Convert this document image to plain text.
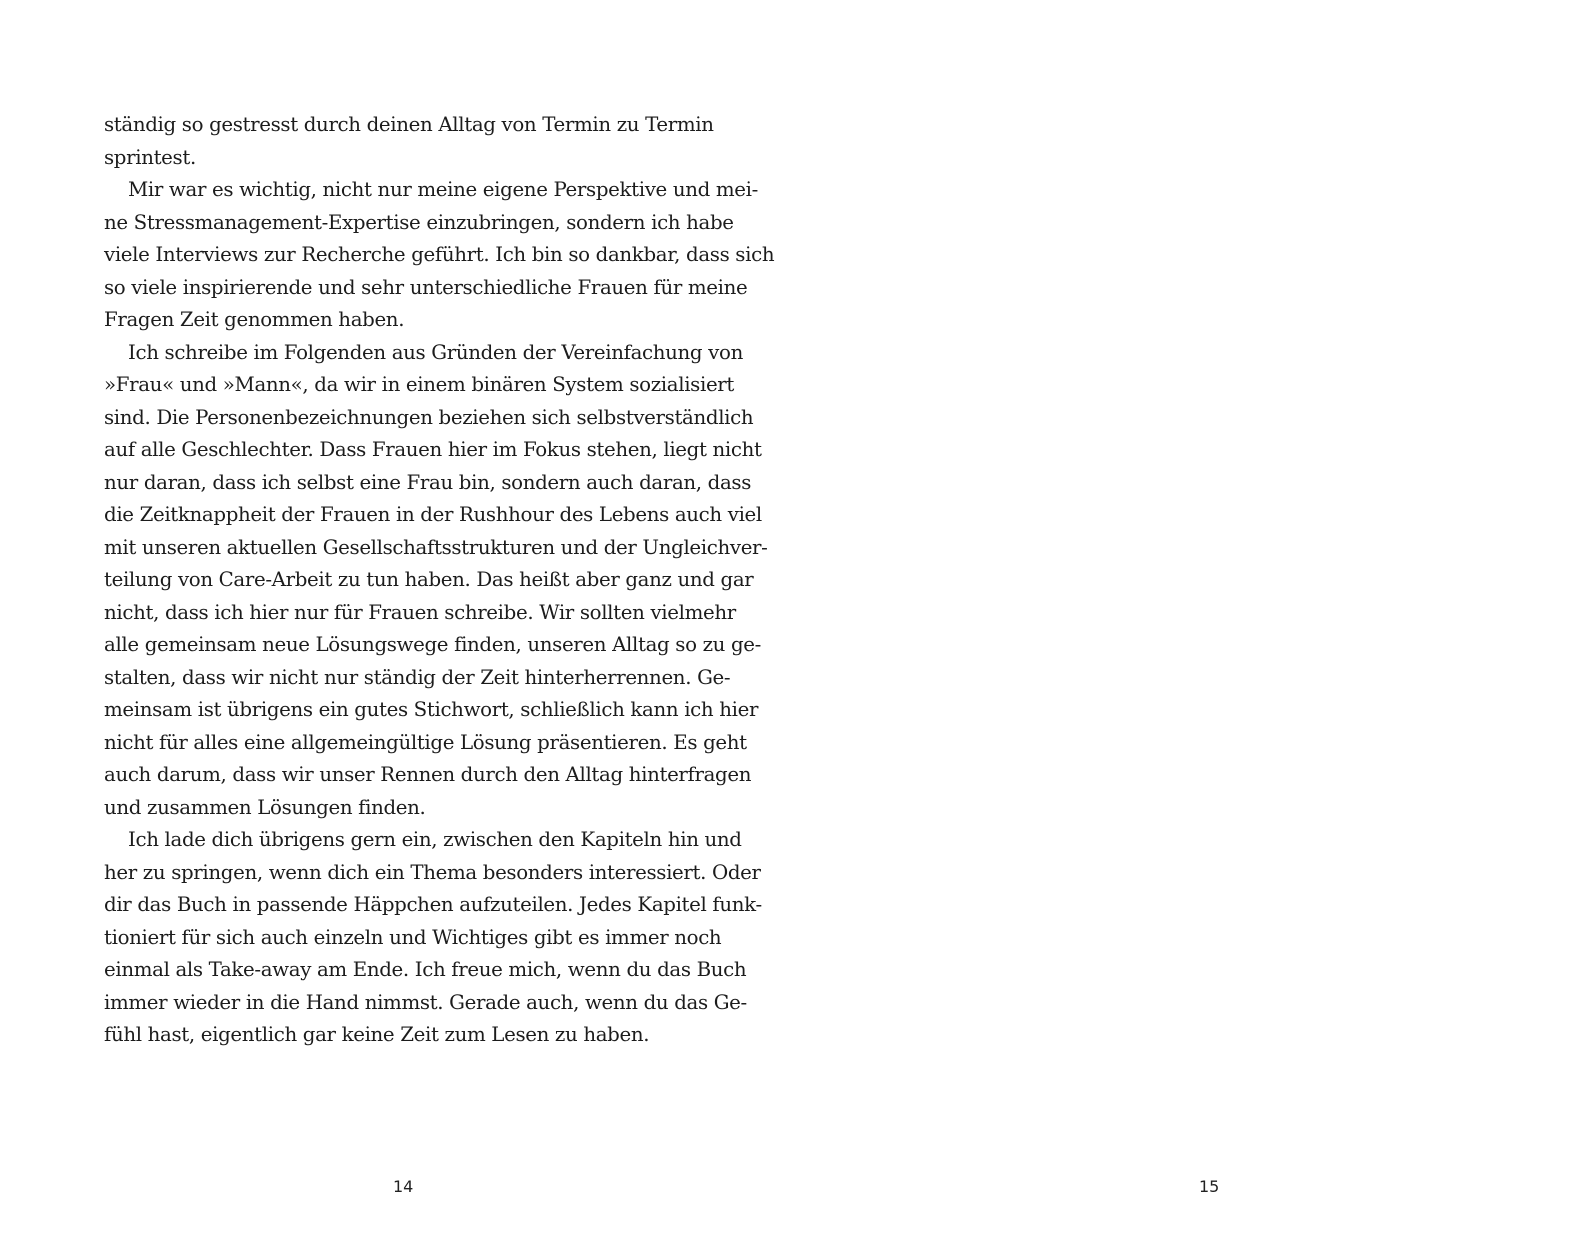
ständig so gestresst durch deinen Alltag von Termin zu Termin
sprintest.

Mir war es wichtig, nicht nur meine eigene Perspektive und mei-
ne Stressmanagement-Expertise einzubringen, sondern ich habe
viele Interviews zur Recherche geführt. Ich bin so dankbar, dass sich
so viele inspirierende und sehr unterschiedliche Frauen für meine
Fragen Zeit genommen haben.

Ich schreibe im Folgenden aus Gründen der Vereinfachung von
»Frau« und »Mann«, da wir in einem binären System sozialisiert
sind. Die Personenbezeichnungen beziehen sich selbstverständlich
auf alle Geschlechter. Dass Frauen hier im Fokus stehen, liegt nicht
nur daran, dass ich selbst eine Frau bin, sondern auch daran, dass
die Zeitknappheit der Frauen in der Rushhour des Lebens auch viel
mit unseren aktuellen Gesellschaftsstrukturen und der Ungleichver-
teilung von Care-Arbeit zu tun haben. Das heißt aber ganz und gar
nicht, dass ich hier nur für Frauen schreibe. Wir sollten vielmehr
alle gemeinsam neue Lösungswege finden, unseren Alltag so zu ge-
stalten, dass wir nicht nur ständig der Zeit hinterherrennen. Ge-
meinsam ist übrigens ein gutes Stichwort, schließlich kann ich hier
nicht für alles eine allgemeingültige Lösung präsentieren. Es geht
auch darum, dass wir unser Rennen durch den Alltag hinterfragen
und zusammen Lösungen finden.

Ich lade dich übrigens gern ein, zwischen den Kapiteln hin und
her zu springen, wenn dich ein Thema besonders interessiert. Oder
dir das Buch in passende Häppchen aufzuteilen. Jedes Kapitel funk-
tioniert für sich auch einzeln und Wichtiges gibt es immer noch
einmal als Take-away am Ende. Ich freue mich, wenn du das Buch
immer wieder in die Hand nimmst. Gerade auch, wenn du das Ge-
fühl hast, eigentlich gar keine Zeit zum Lesen zu haben.

14	15
